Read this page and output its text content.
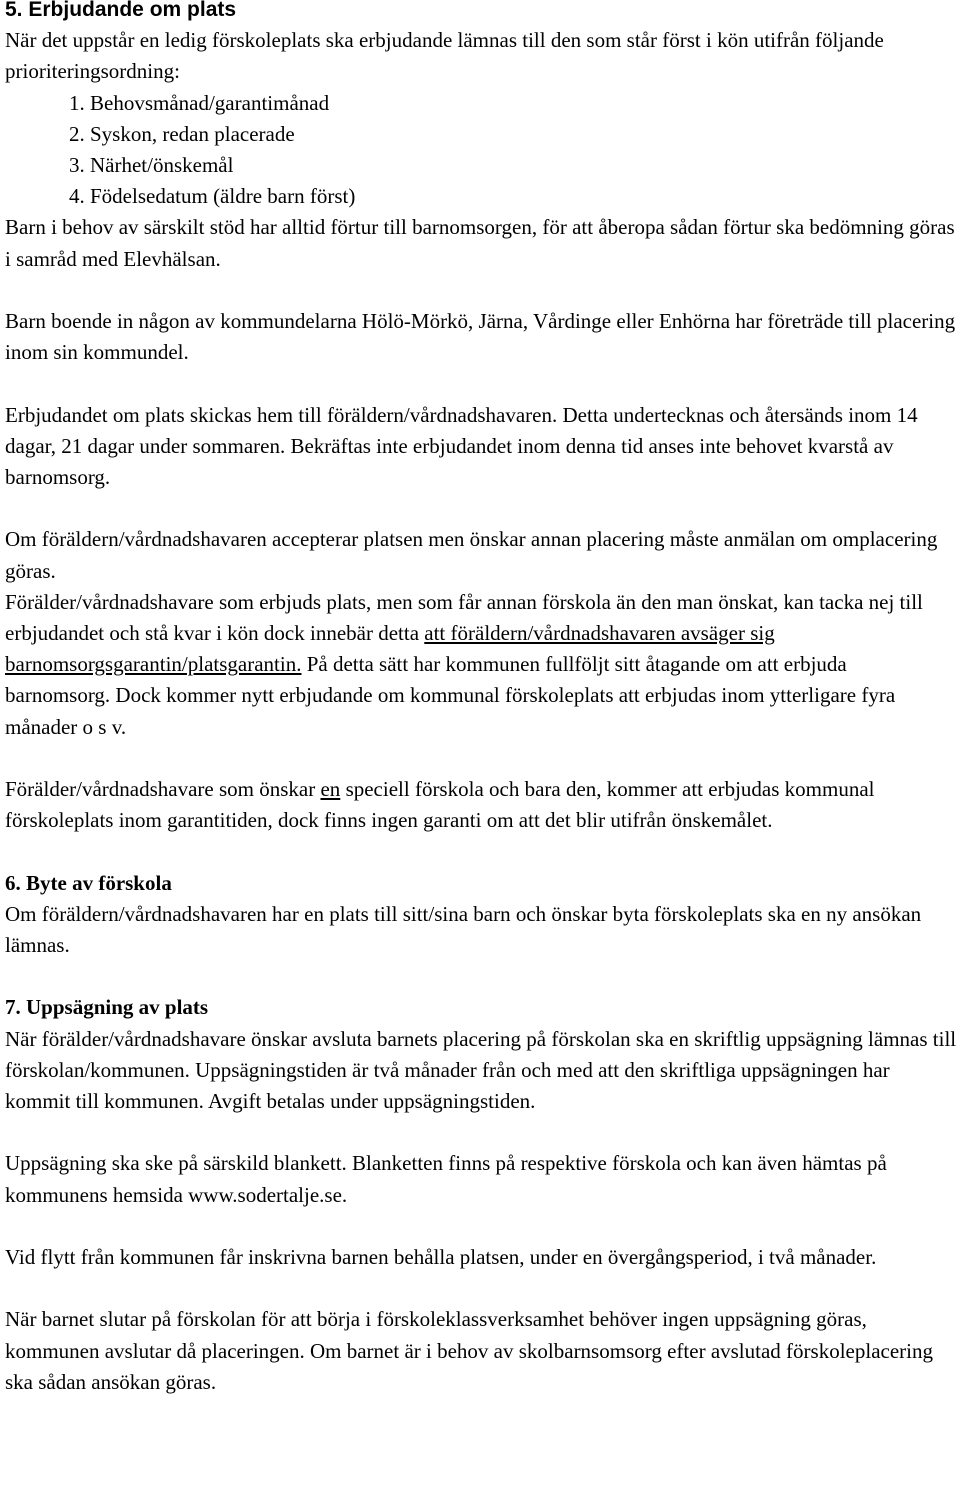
5. Erbjudande om plats

När det uppstår en ledig förskoleplats ska erbjudande lämnas till den som står först i kön utifrån följande prioriteringsordning:

1. Behovsmånad/garantimånad
2. Syskon, redan placerade
3. Närhet/önskemål
4. Födelsedatum (äldre barn först)

Barn i behov av särskilt stöd har alltid förtur till barnomsorgen, för att åberopa sådan förtur ska bedömning göras i samråd med Elevhälsan.

Barn boende in någon av kommundelarna Hölö-Mörkö, Järna, Vårdinge eller Enhörna har företräde till placering inom sin kommundel.

Erbjudandet om plats skickas hem till föräldern/vårdnadshavaren. Detta undertecknas och återsänds inom 14 dagar, 21 dagar under sommaren. Bekräftas inte erbjudandet inom denna tid anses inte behovet kvarstå av barnomsorg.

Om föräldern/vårdnadshavaren accepterar platsen men önskar annan placering måste anmälan om omplacering göras.

Förälder/vårdnadshavare som erbjuds plats, men som får annan förskola än den man önskat, kan tacka nej till erbjudandet och stå kvar i kön dock innebär detta att föräldern/vårdnadshavaren avsäger sig barnomsorgsgarantin/platsgarantin. På detta sätt har kommunen fullföljt sitt åtagande om att erbjuda barnomsorg. Dock kommer nytt erbjudande om kommunal förskoleplats att erbjudas inom ytterligare fyra månader o s v.

Förälder/vårdnadshavare som önskar en speciell förskola och bara den, kommer att erbjudas kommunal förskoleplats inom garantitiden, dock finns ingen garanti om att det blir utifrån önskemålet.

6. Byte av förskola

Om föräldern/vårdnadshavaren har en plats till sitt/sina barn och önskar byta förskoleplats ska en ny ansökan lämnas.

7. Uppsägning av plats

När förälder/vårdnadshavare önskar avsluta barnets placering på förskolan ska en skriftlig uppsägning lämnas till förskolan/kommunen. Uppsägningstiden är två månader från och med att den skriftliga uppsägningen har kommit till kommunen. Avgift betalas under uppsägningstiden.

Uppsägning ska ske på särskild blankett. Blanketten finns på respektive förskola och kan även hämtas på kommunens hemsida www.sodertalje.se.

Vid flytt från kommunen får inskrivna barnen behålla platsen, under en övergångsperiod, i två månader.

När barnet slutar på förskolan för att börja i förskoleklassverksamhet behöver ingen uppsägning göras, kommunen avslutar då placeringen. Om barnet är i behov av skolbarnsomsorg efter avslutad förskoleplacering ska sådan ansökan göras.
